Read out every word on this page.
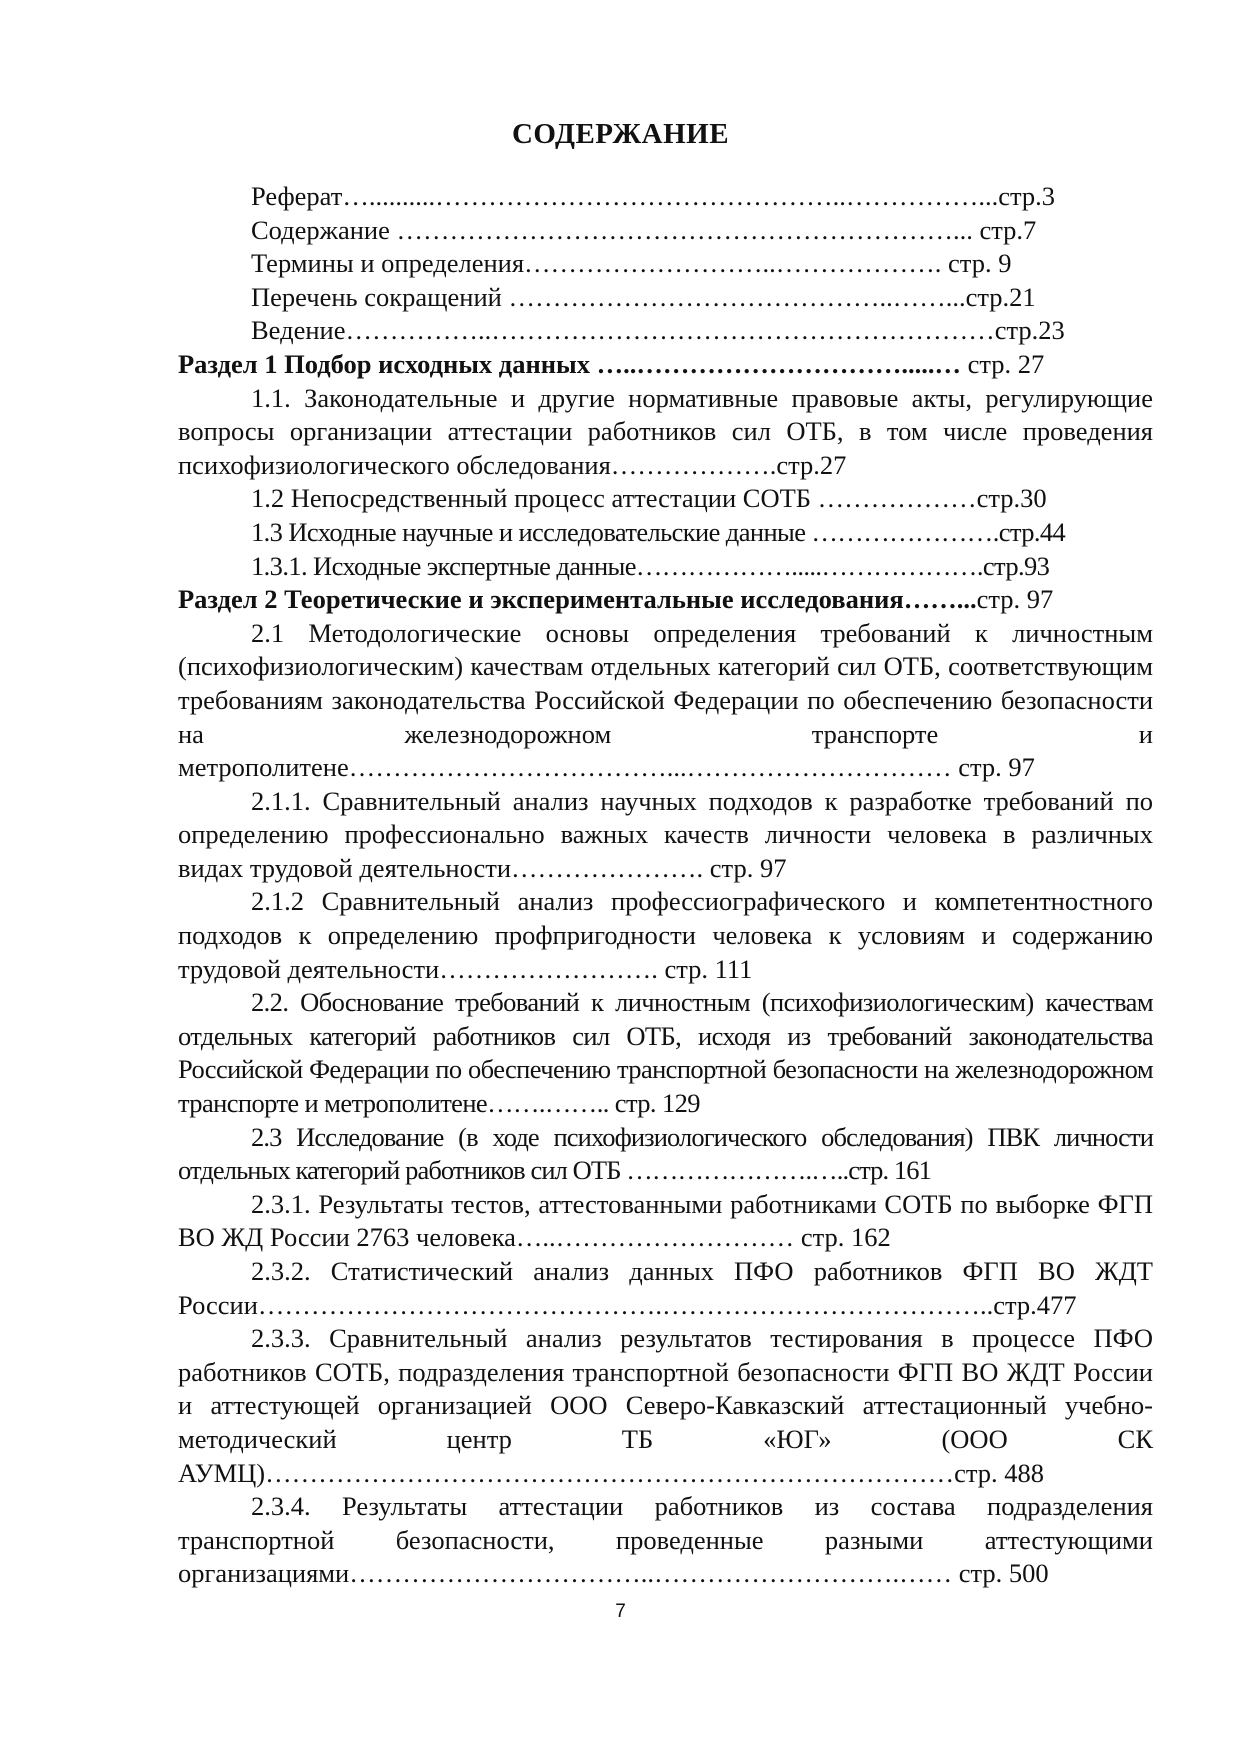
СОДЕРЖАНИЕ
Реферат…..........………………………………………..……………...стр.3
Содержание ………………………………………………………... стр.7
Термины и определения………………………..………………. стр. 9
Перечень сокращений ……………………………………..……...стр.21
Ведение……………..…………………………………………………стр.23
Раздел 1 Подбор исходных данных …..………………………….....… стр. 27
1.1. Законодательные и другие нормативные правовые акты, регулирующие вопросы организации аттестации работников сил ОТБ, в том числе проведения психофизиологического обследования……………….стр.27
1.2 Непосредственный процесс аттестации СОТБ ………………стр.30
1.3 Исходные научные и исследовательские данные ………………….стр.44
1.3.1. Исходные экспертные данные……………….....……………….стр.93
Раздел 2 Теоретические и экспериментальные исследования……...стр. 97
2.1 Методологические основы определения требований к личностным (психофизиологическим) качествам отдельных категорий сил ОТБ, соответствующим требованиям законодательства Российской Федерации по обеспечению безопасности на железнодорожном транспорте и метрополитене………………………………...………………………… стр. 97
2.1.1. Сравнительный анализ научных подходов к разработке требований по определению профессионально важных качеств личности человека в различных видах трудовой деятельности…………………. стр. 97
2.1.2 Сравнительный анализ профессиографического и компетентностного подходов к определению профпригодности человека к условиям и содержанию трудовой деятельности……………………. стр. 111
2.2. Обоснование требований к личностным (психофизиологическим) качествам отдельных категорий работников сил ОТБ, исходя из требований законодательства Российской Федерации по обеспечению транспортной безопасности на железнодорожном транспорте и метрополитене…….…….. стр. 129
2.3 Исследование (в ходе психофизиологического обследования) ПВК личности отдельных категорий работников сил ОТБ ………………….…..стр. 161
2.3.1. Результаты тестов, аттестованными работниками СОТБ по выборке ФГП ВО ЖД России 2763 человека…..……………………… стр. 162
2.3.2. Статистический анализ данных ПФО работников ФГП ВО ЖДТ России……………………………………….………………………………..стр.477
2.3.3. Сравнительный анализ результатов тестирования в процессе ПФО работников СОТБ, подразделения транспортной безопасности ФГП ВО ЖДТ России и аттестующей организацией ООО Северо-Кавказский аттестационный учебно-методический центр ТБ «ЮГ» (ООО СК АУМЦ)……………………………………………………………………стр. 488
2.3.4. Результаты аттестации работников из состава подразделения транспортной безопасности, проведенные разными аттестующими организациями……………………………..……………………….…… стр. 500
7
